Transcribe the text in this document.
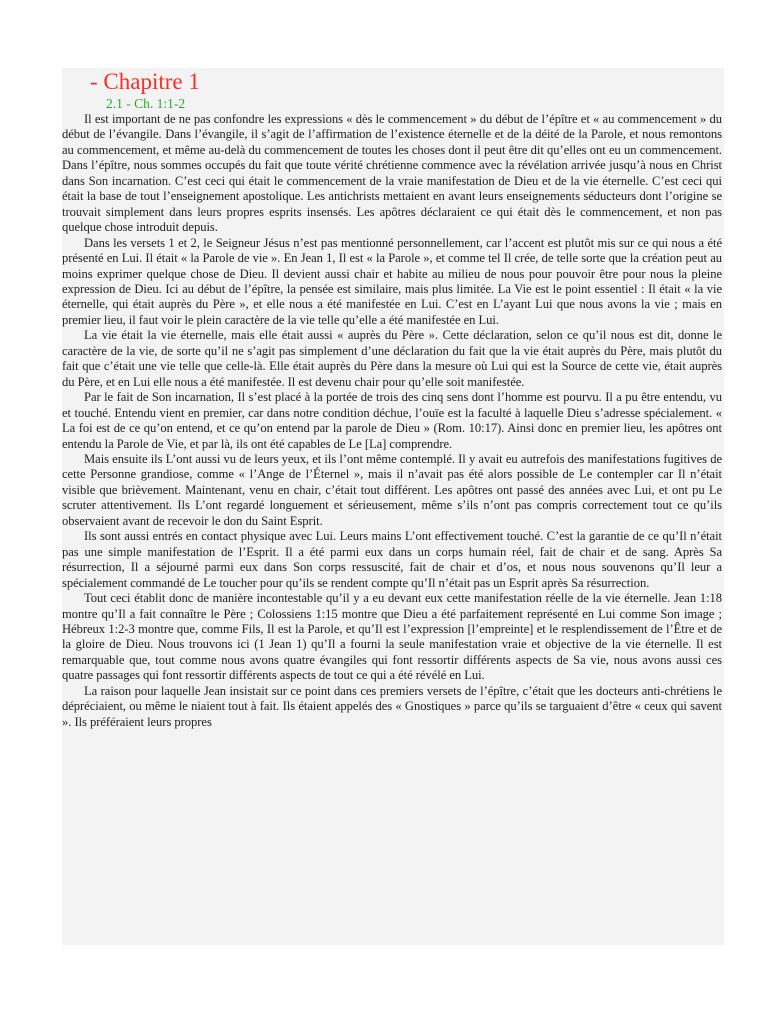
- Chapitre 1
2.1 - Ch. 1:1-2

Il est important de ne pas confondre les expressions « dès le commencement » du début de l’épître et « au commencement » du début de l’évangile. Dans l’évangile, il s’agit de l’affirmation de l’existence éternelle et de la déité de la Parole, et nous remontons au commencement, et même au-delà du commencement de toutes les choses dont il peut être dit qu’elles ont eu un commencement. Dans l’épître, nous sommes occupés du fait que toute vérité chrétienne commence avec la révélation arrivée jusqu’à nous en Christ dans Son incarnation. C’est ceci qui était le commencement de la vraie manifestation de Dieu et de la vie éternelle. C’est ceci qui était la base de tout l’enseignement apostolique. Les antichrists mettaient en avant leurs enseignements séducteurs dont l’origine se trouvait simplement dans leurs propres esprits insensés. Les apôtres déclaraient ce qui était dès le commencement, et non pas quelque chose introduit depuis.

Dans les versets 1 et 2, le Seigneur Jésus n’est pas mentionné personnellement, car l’accent est plutôt mis sur ce qui nous a été présenté en Lui. Il était « la Parole de vie ». En Jean 1, Il est « la Parole », et comme tel Il crée, de telle sorte que la création peut au moins exprimer quelque chose de Dieu. Il devient aussi chair et habite au milieu de nous pour pouvoir être pour nous la pleine expression de Dieu. Ici au début de l’épître, la pensée est similaire, mais plus limitée. La Vie est le point essentiel : Il était « la vie éternelle, qui était auprès du Père », et elle nous a été manifestée en Lui. C’est en L’ayant Lui que nous avons la vie ; mais en premier lieu, il faut voir le plein caractère de la vie telle qu’elle a été manifestée en Lui.

La vie était la vie éternelle, mais elle était aussi « auprès du Père ». Cette déclaration, selon ce qu’il nous est dit, donne le caractère de la vie, de sorte qu’il ne s’agit pas simplement d’une déclaration du fait que la vie était auprès du Père, mais plutôt du fait que c’était une vie telle que celle-là. Elle était auprès du Père dans la mesure où Lui qui est la Source de cette vie, était auprès du Père, et en Lui elle nous a été manifestée. Il est devenu chair pour qu’elle soit manifestée.

Par le fait de Son incarnation, Il s’est placé à la portée de trois des cinq sens dont l’homme est pourvu. Il a pu être entendu, vu et touché. Entendu vient en premier, car dans notre condition déchue, l’ouïe est la faculté à laquelle Dieu s’adresse spécialement. « La foi est de ce qu’on entend, et ce qu’on entend par la parole de Dieu » (Rom. 10:17). Ainsi donc en premier lieu, les apôtres ont entendu la Parole de Vie, et par là, ils ont été capables de Le [La] comprendre.

Mais ensuite ils L’ont aussi vu de leurs yeux, et ils l’ont même contemplé. Il y avait eu autrefois des manifestations fugitives de cette Personne grandiose, comme « l’Ange de l’Éternel », mais il n’avait pas été alors possible de Le contempler car Il n’était visible que brièvement. Maintenant, venu en chair, c’était tout différent. Les apôtres ont passé des années avec Lui, et ont pu Le scruter attentivement. Ils L’ont regardé longuement et sérieusement, même s’ils n’ont pas compris correctement tout ce qu’ils observaient avant de recevoir le don du Saint Esprit.

Ils sont aussi entrés en contact physique avec Lui. Leurs mains L’ont effectivement touché. C’est la garantie de ce qu’Il n’était pas une simple manifestation de l’Esprit. Il a été parmi eux dans un corps humain réel, fait de chair et de sang. Après Sa résurrection, Il a séjourné parmi eux dans Son corps ressuscité, fait de chair et d’os, et nous nous souvenons qu’Il leur a spécialement commandé de Le toucher pour qu’ils se rendent compte qu’Il n’était pas un Esprit après Sa résurrection.

Tout ceci établit donc de manière incontestable qu’il y a eu devant eux cette manifestation réelle de la vie éternelle. Jean 1:18 montre qu’Il a fait connaître le Père ; Colossiens 1:15 montre que Dieu a été parfaitement représenté en Lui comme Son image ; Hébreux 1:2-3 montre que, comme Fils, Il est la Parole, et qu’Il est l’expression [l’empreinte] et le resplendissement de l’Être et de la gloire de Dieu. Nous trouvons ici (1 Jean 1) qu’Il a fourni la seule manifestation vraie et objective de la vie éternelle. Il est remarquable que, tout comme nous avons quatre évangiles qui font ressortir différents aspects de Sa vie, nous avons aussi ces quatre passages qui font ressortir différents aspects de tout ce qui a été révélé en Lui.

La raison pour laquelle Jean insistait sur ce point dans ces premiers versets de l’épître, c’était que les docteurs anti-chrétiens le dépréciaient, ou même le niaient tout à fait. Ils étaient appelés des « Gnostiques » parce qu’ils se targuaient d’être « ceux qui savent ». Ils préféraient leurs propres
